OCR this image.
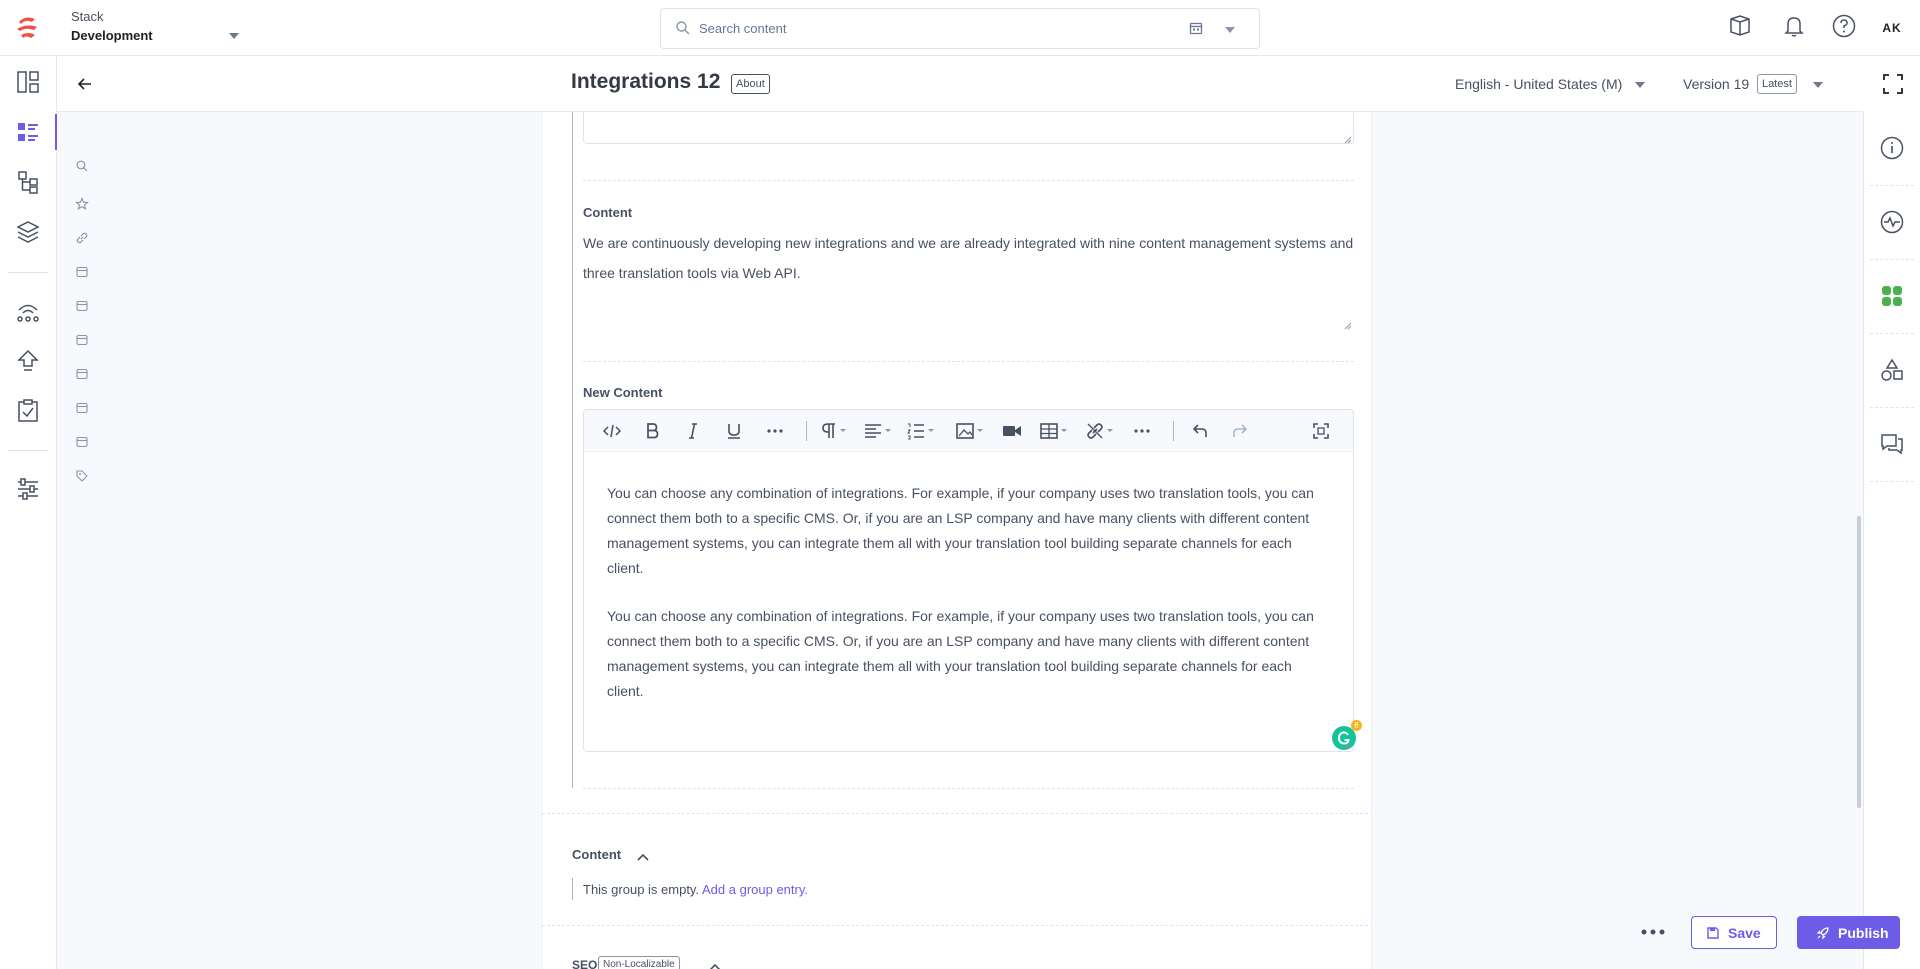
Stack
Development	Search content	AK
Integrations 12	About	English - United States (M)	Version 19	Latest
Content
We are continuously developing new integrations and we are already integrated with nine content management systems and three translation tools via Web API.
New Content

You can choose any combination of integrations. For example, if your company uses two translation tools, you can connect them both to a specific CMS. Or, if you are an LSP company and have many clients with different content management systems, you can integrate them all with your translation tool building separate channels for each client.

You can choose any combination of integrations. For example, if your company uses two translation tools, you can connect them both to a specific CMS. Or, if you are an LSP company and have many clients with different content management systems, you can integrate them all with your translation tool building separate channels for each client.

6
Content
This group is empty. Add a group entry.
SEO Non-Localizable
Save	Publish
